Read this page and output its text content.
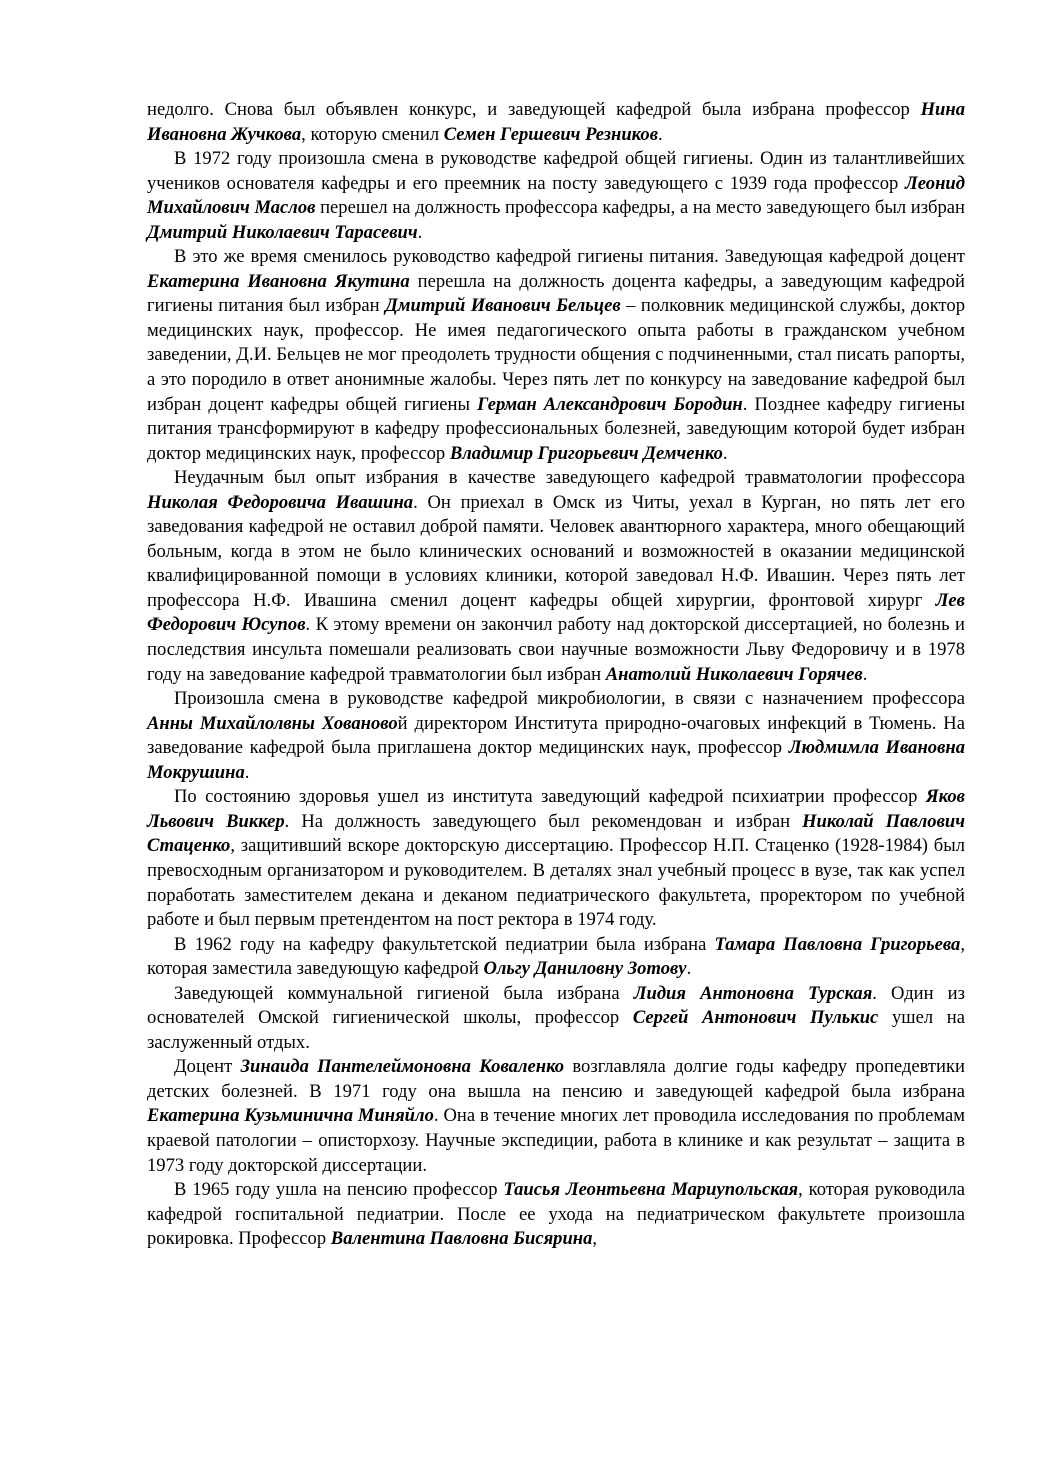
недолго. Снова был объявлен конкурс, и заведующей кафедрой была избрана профессор Нина Ивановна Жучкова, которую сменил Семен Гершевич Резников.

В 1972 году произошла смена в руководстве кафедрой общей гигиены. Один из талантливейших учеников основателя кафедры и его преемник на посту заведующего с 1939 года профессор Леонид Михайлович Маслов перешел на должность профессора кафедры, а на место заведующего был избран Дмитрий Николаевич Тарасевич.

В это же время сменилось руководство кафедрой гигиены питания. Заведующая кафедрой доцент Екатерина Ивановна Якутина перешла на должность доцента кафедры, а заведующим кафедрой гигиены питания был избран Дмитрий Иванович Бельцев – полковник медицинской службы, доктор медицинских наук, профессор. Не имея педагогического опыта работы в гражданском учебном заведении, Д.И. Бельцев не мог преодолеть трудности общения с подчиненными, стал писать рапорты, а это породило в ответ анонимные жалобы. Через пять лет по конкурсу на заведование кафедрой был избран доцент кафедры общей гигиены Герман Александрович Бородин. Позднее кафедру гигиены питания трансформируют в кафедру профессиональных болезней, заведующим которой будет избран доктор медицинских наук, профессор Владимир Григорьевич Демченко.

Неудачным был опыт избрания в качестве заведующего кафедрой травматологии профессора Николая Федоровича Ивашина. Он приехал в Омск из Читы, уехал в Курган, но пять лет его заведования кафедрой не оставил доброй памяти. Человек авантюрного характера, много обещающий больным, когда в этом не было клинических оснований и возможностей в оказании медицинской квалифицированной помощи в условиях клиники, которой заведовал Н.Ф. Ивашин. Через пять лет профессора Н.Ф. Ивашина сменил доцент кафедры общей хирургии, фронтовой хирург Лев Федорович Юсупов. К этому времени он закончил работу над докторской диссертацией, но болезнь и последствия инсульта помешали реализовать свои научные возможности Льву Федоровичу и в 1978 году на заведование кафедрой травматологии был избран Анатолий Николаевич Горячев.

Произошла смена в руководстве кафедрой микробиологии, в связи с назначением профессора Анны Михайлолвны Ховановой директором Института природно-очаговых инфекций в Тюмень. На заведование кафедрой была приглашена доктор медицинских наук, профессор Людмимла Ивановна Мокрушина.

По состоянию здоровья ушел из института заведующий кафедрой психиатрии профессор Яков Львович Виккер. На должность заведующего был рекомендован и избран Николай Павлович Стаценко, защитивший вскоре докторскую диссертацию. Профессор Н.П. Стаценко (1928-1984) был превосходным организатором и руководителем. В деталях знал учебный процесс в вузе, так как успел поработать заместителем декана и деканом педиатрического факультета, проректором по учебной работе и был первым претендентом на пост ректора в 1974 году.

В 1962 году на кафедру факультетской педиатрии была избрана Тамара Павловна Григорьева, которая заместила заведующую кафедрой Ольгу Даниловну Зотову.

Заведующей коммунальной гигиеной была избрана Лидия Антоновна Турская. Один из основателей Омской гигиенической школы, профессор Сергей Антонович Пулькис ушел на заслуженный отдых.

Доцент Зинаида Пантелеймоновна Коваленко возглавляла долгие годы кафедру пропедевтики детских болезней. В 1971 году она вышла на пенсию и заведующей кафедрой была избрана Екатерина Кузьминична Миняйло. Она в течение многих лет проводила исследования по проблемам краевой патологии – описторхозу. Научные экспедиции, работа в клинике и как результат – защита в 1973 году докторской диссертации.

В 1965 году ушла на пенсию профессор Таисья Леонтьевна Мариупольская, которая руководила кафедрой госпитальной педиатрии. После ее ухода на педиатрическом факультете произошла рокировка. Профессор Валентина Павловна Бисярина,
